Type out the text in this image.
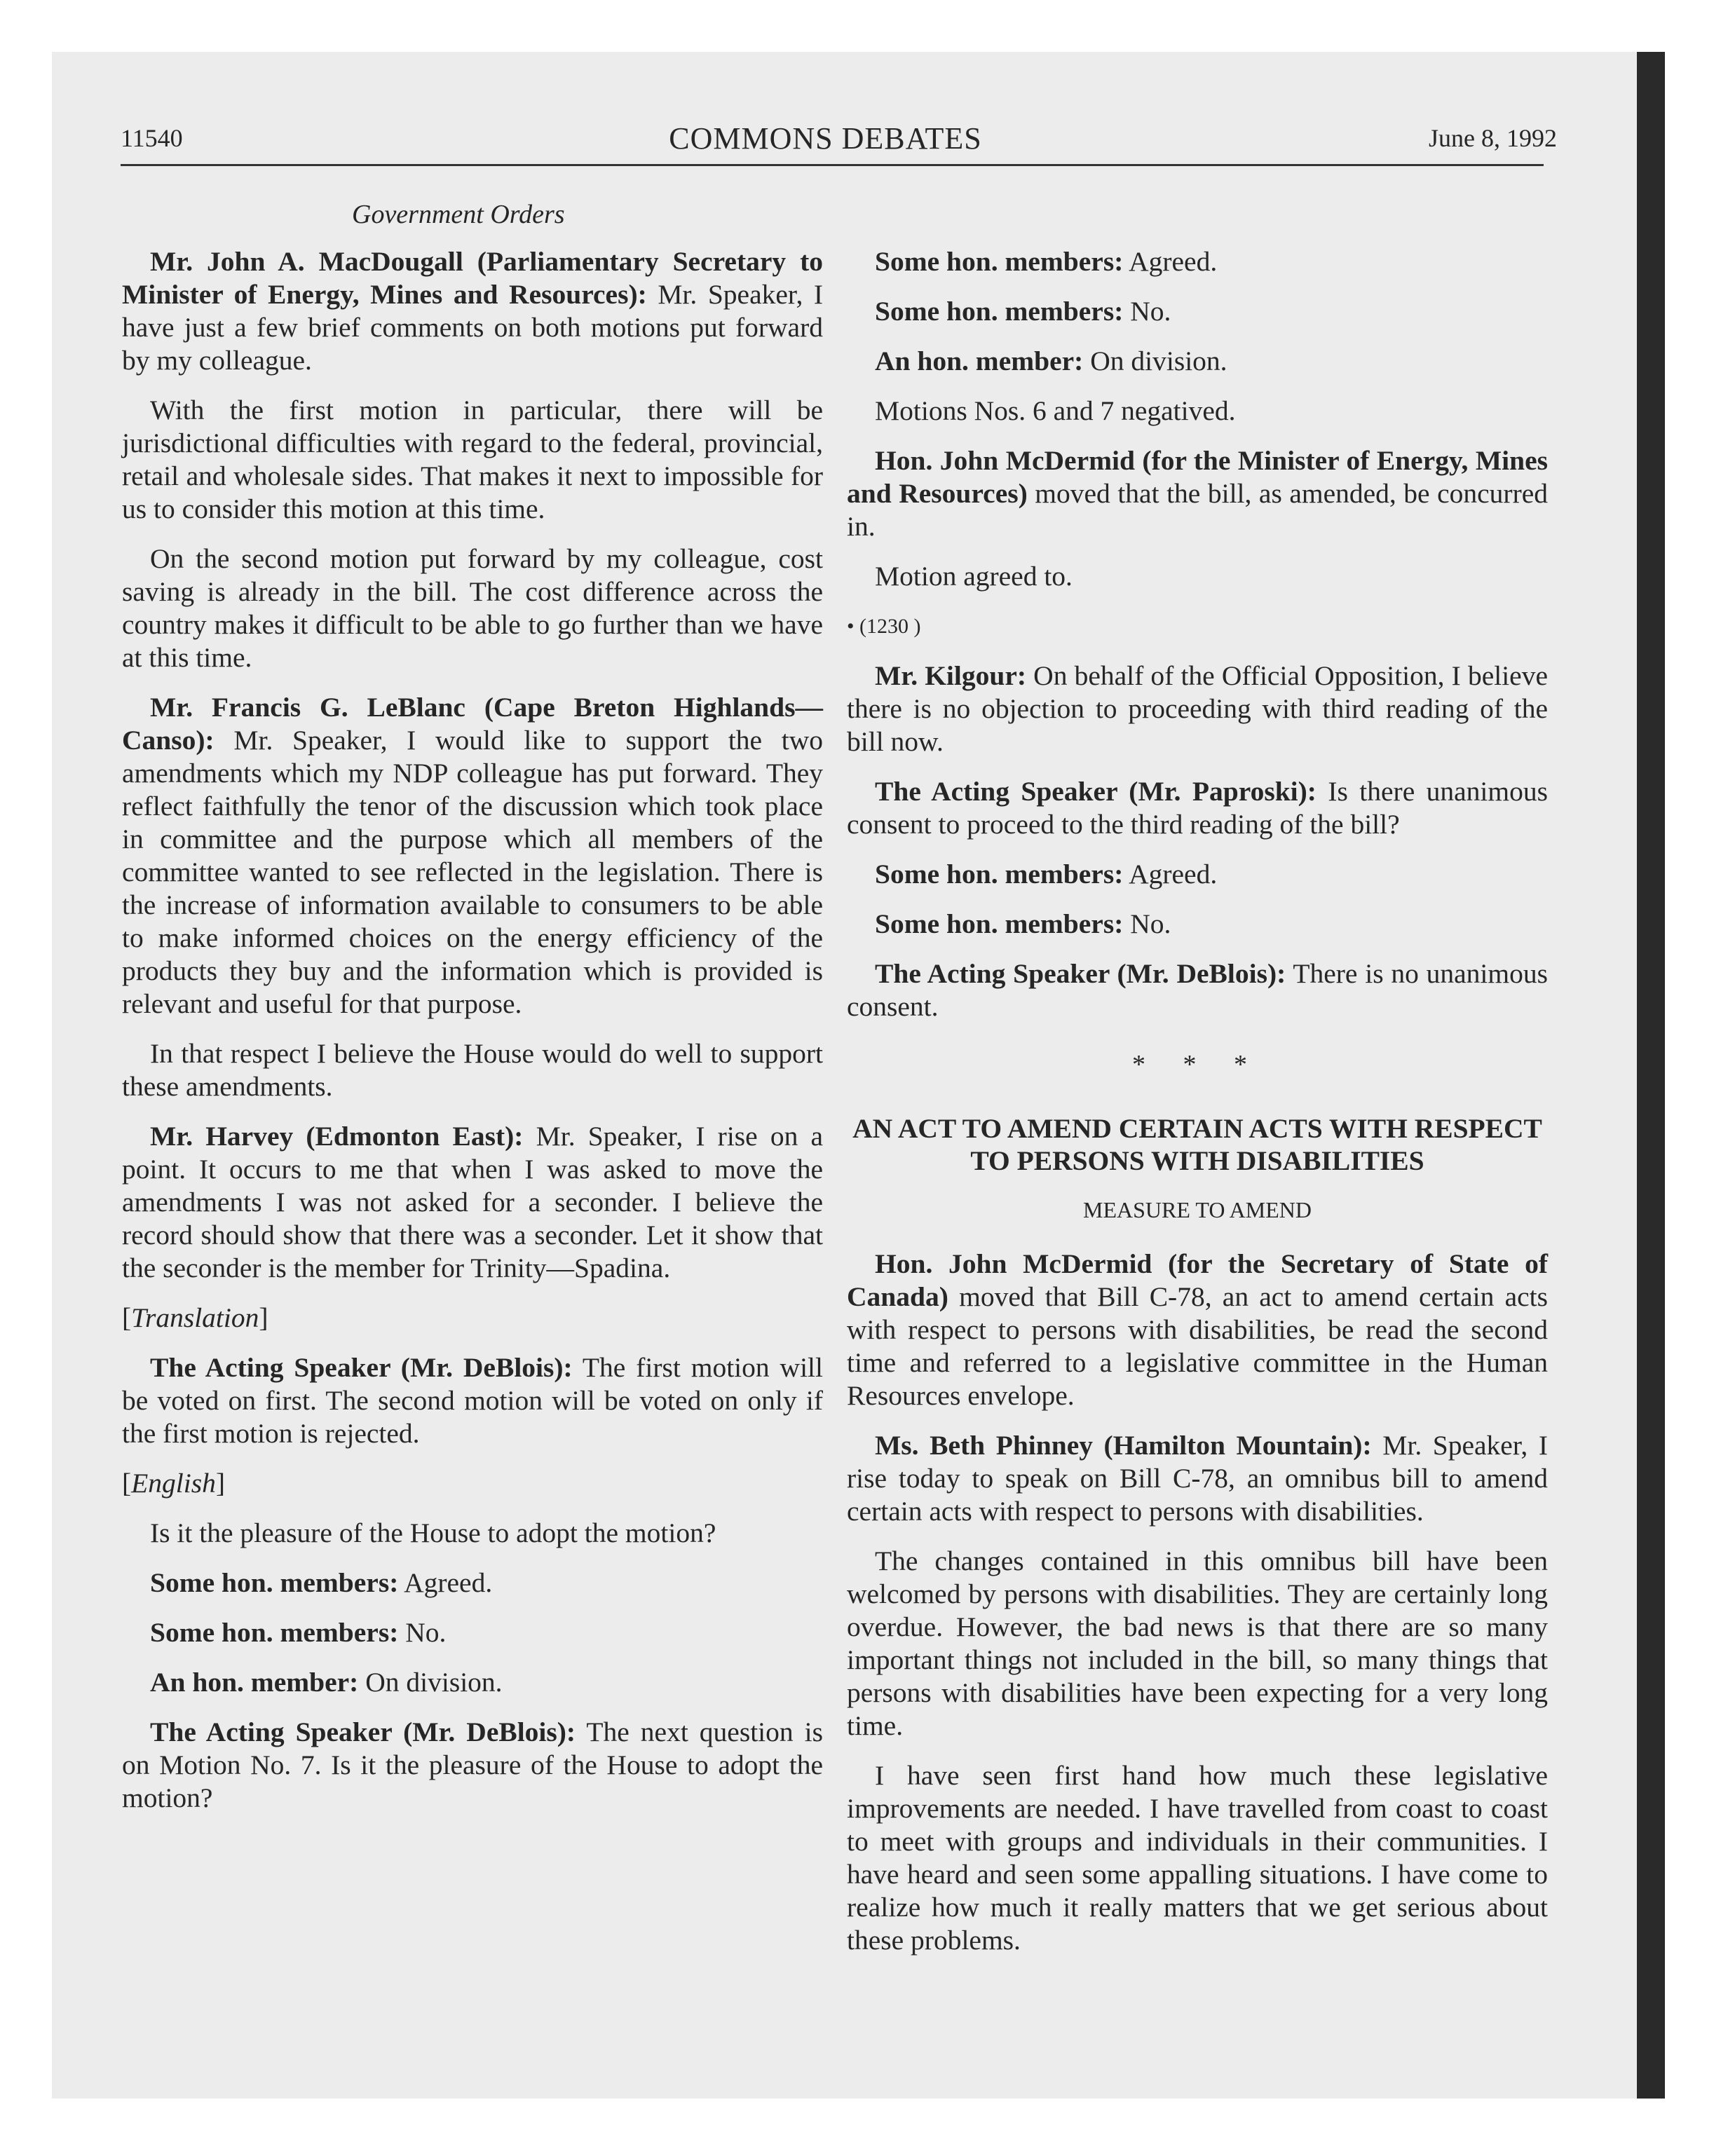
11540	COMMONS DEBATES	June 8, 1992
Government Orders

Mr. John A. MacDougall (Parliamentary Secretary to Minister of Energy, Mines and Resources): Mr. Speaker, I have just a few brief comments on both motions put forward by my colleague.

With the first motion in particular, there will be jurisdictional difficulties with regard to the federal, provincial, retail and wholesale sides. That makes it next to impossible for us to consider this motion at this time.

On the second motion put forward by my colleague, cost saving is already in the bill. The cost difference across the country makes it difficult to be able to go further than we have at this time.

Mr. Francis G. LeBlanc (Cape Breton Highlands—Canso): Mr. Speaker, I would like to support the two amendments which my NDP colleague has put forward. They reflect faithfully the tenor of the discussion which took place in committee and the purpose which all members of the committee wanted to see reflected in the legislation. There is the increase of information available to consumers to be able to make informed choices on the energy efficiency of the products they buy and the information which is provided is relevant and useful for that purpose.

In that respect I believe the House would do well to support these amendments.

Mr. Harvey (Edmonton East): Mr. Speaker, I rise on a point. It occurs to me that when I was asked to move the amendments I was not asked for a seconder. I believe the record should show that there was a seconder. Let it show that the seconder is the member for Trinity—Spadina.

[Translation]

The Acting Speaker (Mr. DeBlois): The first motion will be voted on first. The second motion will be voted on only if the first motion is rejected.

[English]

Is it the pleasure of the House to adopt the motion?

Some hon. members: Agreed.

Some hon. members: No.

An hon. member: On division.

The Acting Speaker (Mr. DeBlois): The next question is on Motion No. 7. Is it the pleasure of the House to adopt the motion?

Some hon. members: Agreed.

Some hon. members: No.

An hon. member: On division.

Motions Nos. 6 and 7 negatived.

Hon. John McDermid (for the Minister of Energy, Mines and Resources) moved that the bill, as amended, be concurred in.

Motion agreed to.

• (1230 )

Mr. Kilgour: On behalf of the Official Opposition, I believe there is no objection to proceeding with third reading of the bill now.

The Acting Speaker (Mr. Paproski): Is there unanimous consent to proceed to the third reading of the bill?

Some hon. members: Agreed.

Some hon. members: No.

The Acting Speaker (Mr. DeBlois): There is no unanimous consent.

* * *

AN ACT TO AMEND CERTAIN ACTS WITH RESPECT TO PERSONS WITH DISABILITIES

MEASURE TO AMEND

Hon. John McDermid (for the Secretary of State of Canada) moved that Bill C-78, an act to amend certain acts with respect to persons with disabilities, be read the second time and referred to a legislative committee in the Human Resources envelope.

Ms. Beth Phinney (Hamilton Mountain): Mr. Speaker, I rise today to speak on Bill C-78, an omnibus bill to amend certain acts with respect to persons with disabilities.

The changes contained in this omnibus bill have been welcomed by persons with disabilities. They are certainly long overdue. However, the bad news is that there are so many important things not included in the bill, so many things that persons with disabilities have been expecting for a very long time.

I have seen first hand how much these legislative improvements are needed. I have travelled from coast to coast to meet with groups and individuals in their communities. I have heard and seen some appalling situations. I have come to realize how much it really matters that we get serious about these problems.
